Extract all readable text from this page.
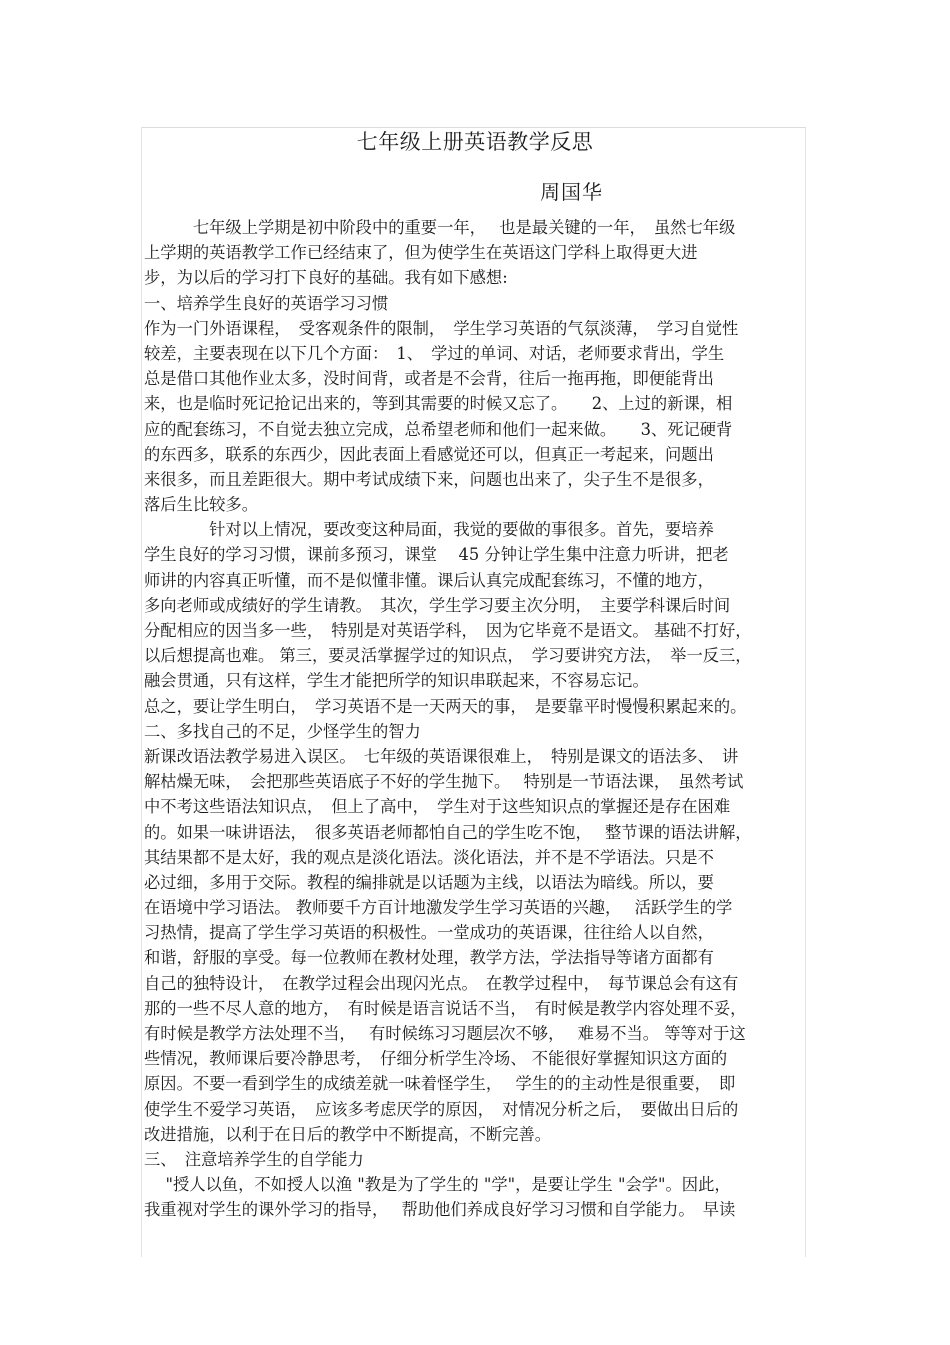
七年级上册英语教学反思
周国华
　　　七年级上学期是初中阶段中的重要一年，　 也是最关键的一年，　虽然七年级
上学期的英语教学工作已经结束了，但为使学生在英语这门学科上取得更大进
步，为以后的学习打下良好的基础。我有如下感想:
一、培养学生良好的英语学习习惯
作为一门外语课程，　受客观条件的限制，　学生学习英语的气氛淡薄，　学习自觉性
较差，主要表现在以下几个方面：　1、　学过的单词、对话，老师要求背出，学生
总是借口其他作业太多，没时间背，或者是不会背，往后一拖再拖，即便能背出
来，也是临时死记抢记出来的，等到其需要的时候又忘了。　　2、上过的新课，相
应的配套练习，不自觉去独立完成，总希望老师和他们一起来做。　　3、死记硬背
的东西多，联系的东西少，因此表面上看感觉还可以，但真正一考起来，问题出
来很多，而且差距很大。期中考试成绩下来，问题也出来了，尖子生不是很多，
落后生比较多。
　　　　针对以上情况，要改变这种局面，我觉的要做的事很多。首先，要培养
学生良好的学习习惯，课前多预习，课堂　 45 分钟让学生集中注意力听讲，把老
师讲的内容真正听懂，而不是似懂非懂。课后认真完成配套练习，不懂的地方，
多向老师或成绩好的学生请教。　其次，学生学习要主次分明，　主要学科课后时间
分配相应的因当多一些，　特别是对英语学科，　因为它毕竟不是语文。 基础不打好，
以后想提高也难。 第三，要灵活掌握学过的知识点，　学习要讲究方法，　举一反三，
融会贯通，只有这样，学生才能把所学的知识串联起来，不容易忘记。
总之，要让学生明白，　学习英语不是一天两天的事，　是要靠平时慢慢积累起来的。
二、多找自己的不足，少怪学生的智力
新课改语法教学易进入误区。　七年级的英语课很难上，　特别是课文的语法多、　讲
解枯燥无味，　会把那些英语底子不好的学生抛下。　 特别是一节语法课，　虽然考试
中不考这些语法知识点，　但上了高中，　学生对于这些知识点的掌握还是存在困难
的。如果一味讲语法，　很多英语老师都怕自己的学生吃不饱，　 整节课的语法讲解，
其结果都不是太好，我的观点是淡化语法。淡化语法，并不是不学语法。只是不
必过细，多用于交际。教程的编排就是以话题为主线，以语法为暗线。所以，要
在语境中学习语法。 教师要千方百计地激发学生学习英语的兴趣，　 活跃学生的学
习热情，提高了学生学习英语的积极性。一堂成功的英语课，往往给人以自然，
和谐，舒服的享受。每一位教师在教材处理，教学方法，学法指导等诸方面都有
自己的独特设计，　在教学过程会出现闪光点。　在教学过程中，　每节课总会有这有
那的一些不尽人意的地方，　有时候是语言说话不当，　有时候是教学内容处理不妥，
有时候是教学方法处理不当，　 有时候练习习题层次不够，　 难易不当。 等等对于这
些情况，教师课后要冷静思考，　仔细分析学生冷场、 不能很好掌握知识这方面的
原因。不要一看到学生的成绩差就一味着怪学生，　 学生的的主动性是很重要，　即
使学生不爱学习英语，　应该多考虑厌学的原因，　对情况分析之后，　要做出日后的
改进措施，以利于在日后的教学中不断提高，不断完善。
三、　注意培养学生的自学能力
　 "授人以鱼，不如授人以渔 "教是为了学生的 "学"，是要让学生 "会学"。因此，
我重视对学生的课外学习的指导，　 帮助他们养成良好学习习惯和自学能力。　早读
